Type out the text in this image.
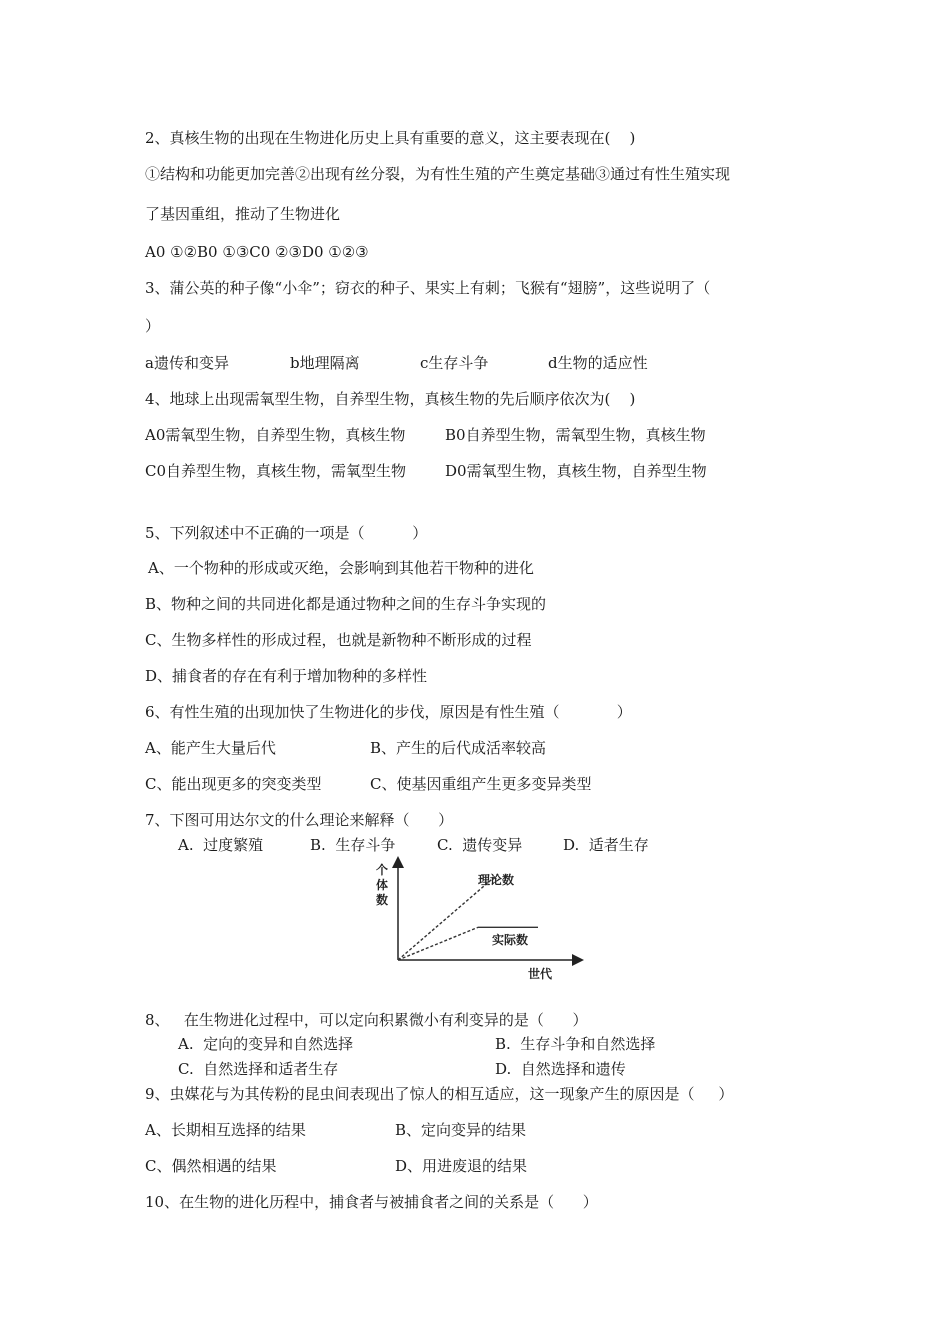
2、真核生物的出现在生物进化历史上具有重要的意义，这主要表现在(    )
①结构和功能更加完善②出现有丝分裂，为有性生殖的产生奠定基础③通过有性生殖实现
了基因重组，推动了生物进化
A0 ①②B0 ①③C0 ②③D0 ①②③
3、蒲公英的种子像“小伞”；窃衣的种子、果实上有刺；飞猴有“翅膀”，这些说明了（
）
a遗传和变异	b地理隔离	c生存斗争	d生物的适应性
4、地球上出现需氧型生物，自养型生物，真核生物的先后顺序依次为(    )
A0需氧型生物，自养型生物，真核生物	B0自养型生物，需氧型生物，真核生物
C0自养型生物，真核生物，需氧型生物	D0需氧型生物，真核生物，自养型生物
5、下列叙述中不正确的一项是（          ）
A、一个物种的形成或灭绝，会影响到其他若干物种的进化
B、物种之间的共同进化都是通过物种之间的生存斗争实现的
C、生物多样性的形成过程，也就是新物种不断形成的过程
D、捕食者的存在有利于增加物种的多样性
6、有性生殖的出现加快了生物进化的步伐，原因是有性生殖（            ）
A、能产生大量后代	B、产生的后代成活率较高
C、能出现更多的突变类型	C、使基因重组产生更多变异类型
7、下图可用达尔文的什么理论来解释（      ）
A.  过度繁殖	B.  生存斗争	C.  遗传变异	D.  适者生存
个
体
数
世代
理论数
实际数
8、   在生物进化过程中，可以定向积累微小有利变异的是（      ）
A.  定向的变异和自然选择	B.  生存斗争和自然选择
C.  自然选择和适者生存	D.  自然选择和遗传
9、虫媒花与为其传粉的昆虫间表现出了惊人的相互适应，这一现象产生的原因是（     ）
A、长期相互选择的结果	B、定向变异的结果
C、偶然相遇的结果	D、用进废退的结果
10、在生物的进化历程中，捕食者与被捕食者之间的关系是（      ）
